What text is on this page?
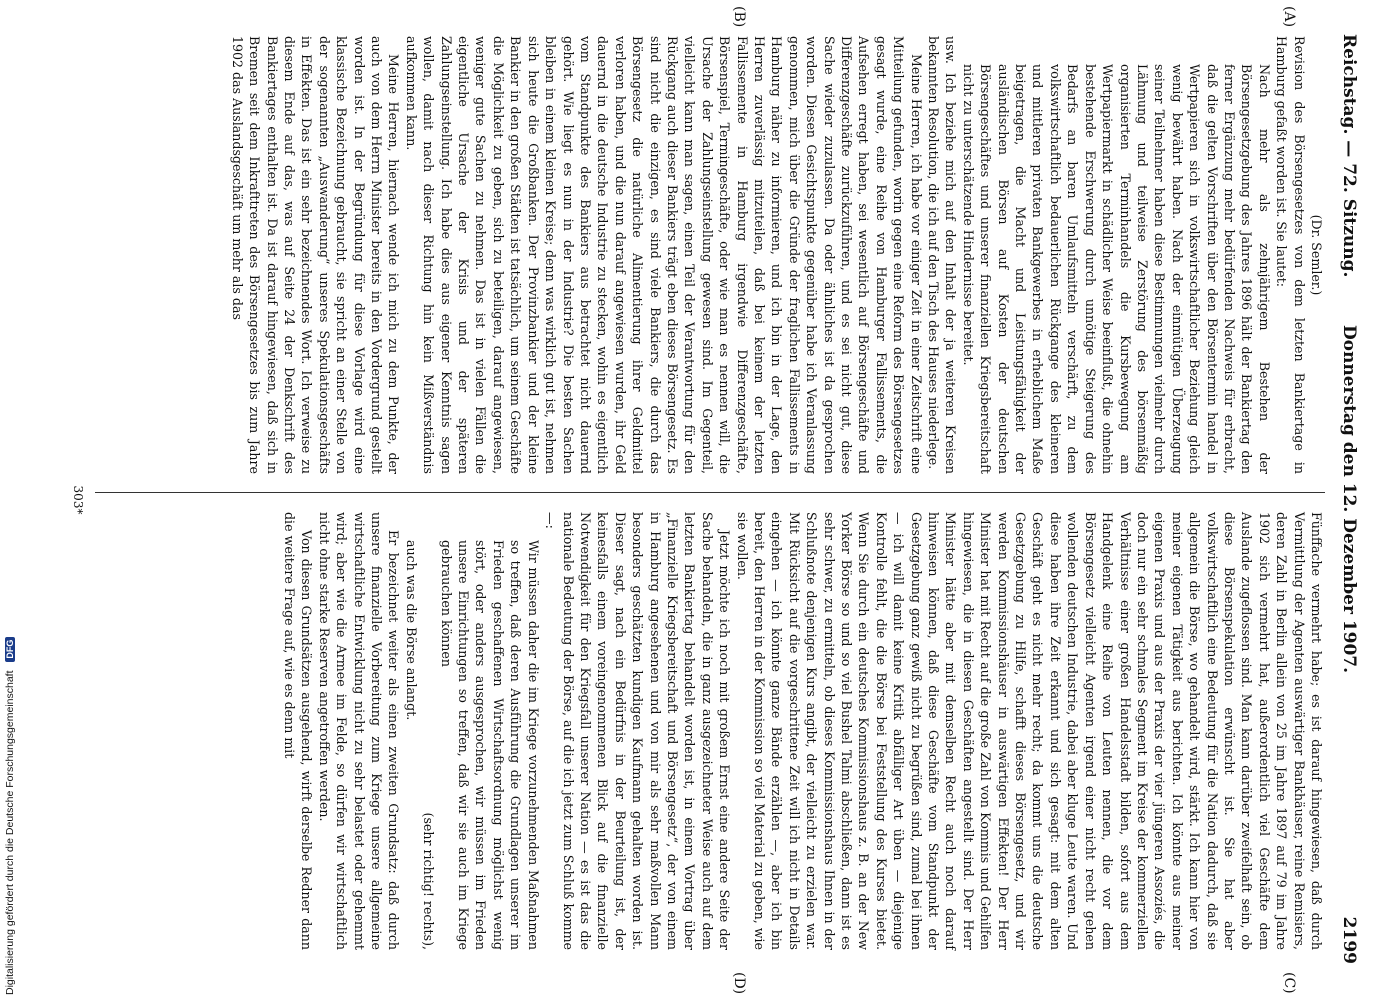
Reichstag. — 72. Sitzung.
Donnerstag den 12. Dezember 1907.
2199
(A)
(B)
(C)
(D)

(Dr. Semler.)

Revision des Börsengesetzes von dem letzten Bankiertage in Hamburg gefaßt worden ist. Sie lautet:

Nach mehr als zehnjährigem Bestehen der Börsengesetzgebung des Jahres 1896 hält der Bankiertag den ferner Ergänzung mehr bedürfenden Nachweis für erbracht, daß die gelten Vorschriften über den Börsentermin handel in Wertpapieren sich in volkswirtschaftlicher Beziehung gleich wenig bewährt haben. Nach der einmütigen Überzeugung seiner Teilnehmer haben diese Bestimmungen vielmehr durch Lähmung und teilweise Zerstörung des börsenmäßig organisierten Terminhandels die Kursbewegung am Wertpapiermarkt in schädlicher Weise beeinflußt, die ohnehin bestehende Erschwerung durch unnötige Steigerung des Bedarfs an baren Umlaufsmitteln verschärft, zu dem volkswirtschaftlich bedauerlichen Rückgange des kleineren und mittleren privaten Bankgewerbes in erheblichem Maße beigetragen, die Macht und Leistungsfähigkeit der ausländischen Börsen auf Kosten der deutschen Börsengeschäftes und unserer finanziellen Kriegsbereitschaft nicht zu unterschätzende Hindernisse bereitet.

usw. Ich beziehe mich auf den Inhalt der ja weiteren Kreisen bekannten Resolution, die ich auf den Tisch des Hauses niederlege.

Meine Herren, ich habe vor einiger Zeit in einer Zeitschrift eine Mitteilung gefunden, worin gegen eine Reform des Börsengesetzes gesagt wurde, eine Reihe von Hamburger Fallissements, die Aufsehen erregt haben, sei wesentlich auf Börsengeschäfte und Differenzgeschäfte zurückzuführen, und es sei nicht gut, diese Sache wieder zuzulassen. Da oder ähnliches ist da gesprochen worden. Diesen Gesichtspunkte gegenüber habe ich Veranlassung genommen, mich über die Gründe der fraglichen Fallissements in Hamburg näher zu informieren, und ich bin in der Lage, den Herren zuverlässig mitzuteilen, daß bei keinem der letzten Fallissemente in Hamburg irgendwie Differenzgeschäfte, Börsenspiel, Termingeschäfte, oder wie man es nennen will, die Ursache der Zahlungseinstellung gewesen sind. Im Gegenteil, vielleicht kann man sagen, einen Teil der Verantwortung für den Rückgang auch dieser Bankiers trägt eben dieses Börsengesetz. Es sind nicht die einzigen, es sind viele Bankiers, die durch das Börsengesetz die natürliche Alimentierung ihrer Geldmittel verloren haben, und die nun darauf angewiesen wurden, ihr Geld dauernd in die deutsche Industrie zu stecken, wohin es eigentlich vom Standpunkte des Bankiers aus betrachtet nicht dauernd gehört. Wie liegt es nun in der Industrie? Die besten Sachen bleiben in einem kleinen Kreise; denn was wirklich gut ist, nehmen sich heute die Großbanken. Der Provinzbankier und der kleine Bankier in den großen Städten ist tatsächlich, um seinem Geschäfte die Möglichkeit zu geben, sich zu beteiligen, darauf angewiesen, weniger gute Sachen zu nehmen. Das ist in vielen Fällen die eigentliche Ursache der Krisis und der späteren Zahlungseinstellung. Ich habe dies aus eigener Kenntnis sagen wollen, damit nach dieser Richtung hin kein Mißverständnis aufkommen kann.

Meine Herren, hiernach wende ich mich zu dem Punkte, der auch von dem Herrn Minister bereits in den Vordergrund gestellt worden ist. In der Begründung für diese Vorlage wird eine klassische Bezeichnung gebraucht, sie spricht an einer Stelle von der sogenannten „Auswanderung“ unseres Spekulationsgeschäfts in Effekten. Das ist ein sehr bezeichnendes Wort. Ich verweise zu diesem Ende auf das, was auf Seite 24 der Denkschrift des Bankiertages enthalten ist. Da ist darauf hingewiesen, daß sich in Bremen seit dem Inkrafttreten des Börsengesetzes bis zum Jahre 1902 das Auslandsgeschäft um mehr als das

Fünffache vermehrt habe; es ist darauf hingewiesen, daß durch Vermittlung der Agenten auswärtiger Bankhäuser, reine Remisiers, deren Zahl in Berlin allein von 25 im Jahre 1897 auf 79 im Jahre 1902 sich vermehrt hat, außerordentlich viel Geschäfte dem Auslande zugeflossen sind. Man kann darüber zweifelhaft sein, ob diese Börsenspekulation erwünscht ist. Sie hat aber volkswirtschaftlich eine Bedeutung für die Nation dadurch, daß sie allgemein die Börse, wo gehandelt wird, stärkt. Ich kann hier von meiner eigenen Tätigkeit aus berichten. Ich könnte aus meiner eigenen Praxis und aus der Praxis der vier jüngeren Assoziés, die doch nur ein sehr schmales Segment im Kreise der kommerziellen Verhältnisse einer großen Handelsstadt bilden, sofort aus dem Handgelenk eine Reihe von Leuten nennen, die vor dem Börsengesetz vielleicht Agenten irgend einer nicht recht gehen wollenden deutschen Industrie, dabei aber kluge Leute waren. Und diese haben ihre Zeit erkannt und sich gesagt: mit dem alten Geschäft geht es nicht mehr recht; da kommt uns die deutsche Gesetzgebung zu Hilfe, schafft dieses Börsengesetz, und wir werden Kommissionshäuser in auswärtigen Effekten! Der Herr Minister hat mit Recht auf die große Zahl von Kommis und Gehilfen hingewiesen, die in diesen Geschäften angestellt sind. Der Herr Minister hätte aber mit demselben Recht auch noch darauf hinweisen können, daß diese Geschäfte vom Standpunkt der Gesetzgebung ganz gewiß nicht zu begrüßen sind, zumal bei ihnen — ich will damit keine Kritik abfälliger Art üben — diejenige Kontrolle fehlt, die die Börse bei Feststellung des Kurses bietet. Wenn Sie durch ein deutsches Kommissionshaus z. B. an der New Yorker Börse so und so viel Bushel Talmi abschließen, dann ist es sehr schwer, zu ermitteln, ob dieses Kommissionshaus Ihnen in der Schlußnote denjenigen Kurs angibt, der vielleicht zu erzielen war. Mit Rücksicht auf die vorgeschrittene Zeit will ich nicht in Details eingehen — ich könnte ganze Bände erzählen —, aber ich bin bereit, den Herren in der Kommission so viel Material zu geben, wie sie wollen.

Jetzt möchte ich noch mit großem Ernst eine andere Seite der Sache behandeln, die in ganz ausgezeichneter Weise auch auf dem letzten Bankiertag behandelt worden ist, in einem Vortrag über „Finanzielle Kriegsbereitschaft und Börsengesetz“, der von einem in Hamburg angesehenen und von mir als sehr maßvollen Mann besonders geschätzten kundigen Kaufmann gehalten worden ist. Dieser sagt, nach ein Bedürfnis in der Beurteilung ist, der keinesfalls einem voreingenommenen Blick auf die finanzielle Notwendigkeit für den Kriegsfall unserer Nation — es ist das die nationale Bedeutung der Börse, auf die ich jetzt zum Schluß komme —:

Wir müssen daher die im Kriege vorzunehmenden Maßnahmen so treffen, daß deren Ausführung die Grundlagen unserer im Frieden geschaffenen Wirtschaftsordnung möglichst wenig stört, oder anders ausgesprochen, wir müssen im Frieden unsere Einrichtungen so treffen, daß wir sie auch im Kriege gebrauchen können

(sehr richtig! rechts),

auch was die Börse anlangt.

Er bezeichnet weiter als einen zweiten Grundsatz: daß durch unsere finanzielle Vorbereitung zum Kriege unsere allgemeine wirtschaftliche Entwicklung nicht zu sehr belastet oder gehemmt wird; aber wie die Armee im Felde, so dürfen wir wirtschaftlich nicht ohne starke Reserven angetroffen werden.

Von diesen Grundsätzen ausgehend, wirft derselbe Redner dann die weitere Frage auf, wie es denn mit

303*
Digitalisierung gefördert durch die Deutsche Forschungsgemeinschaft DFG
